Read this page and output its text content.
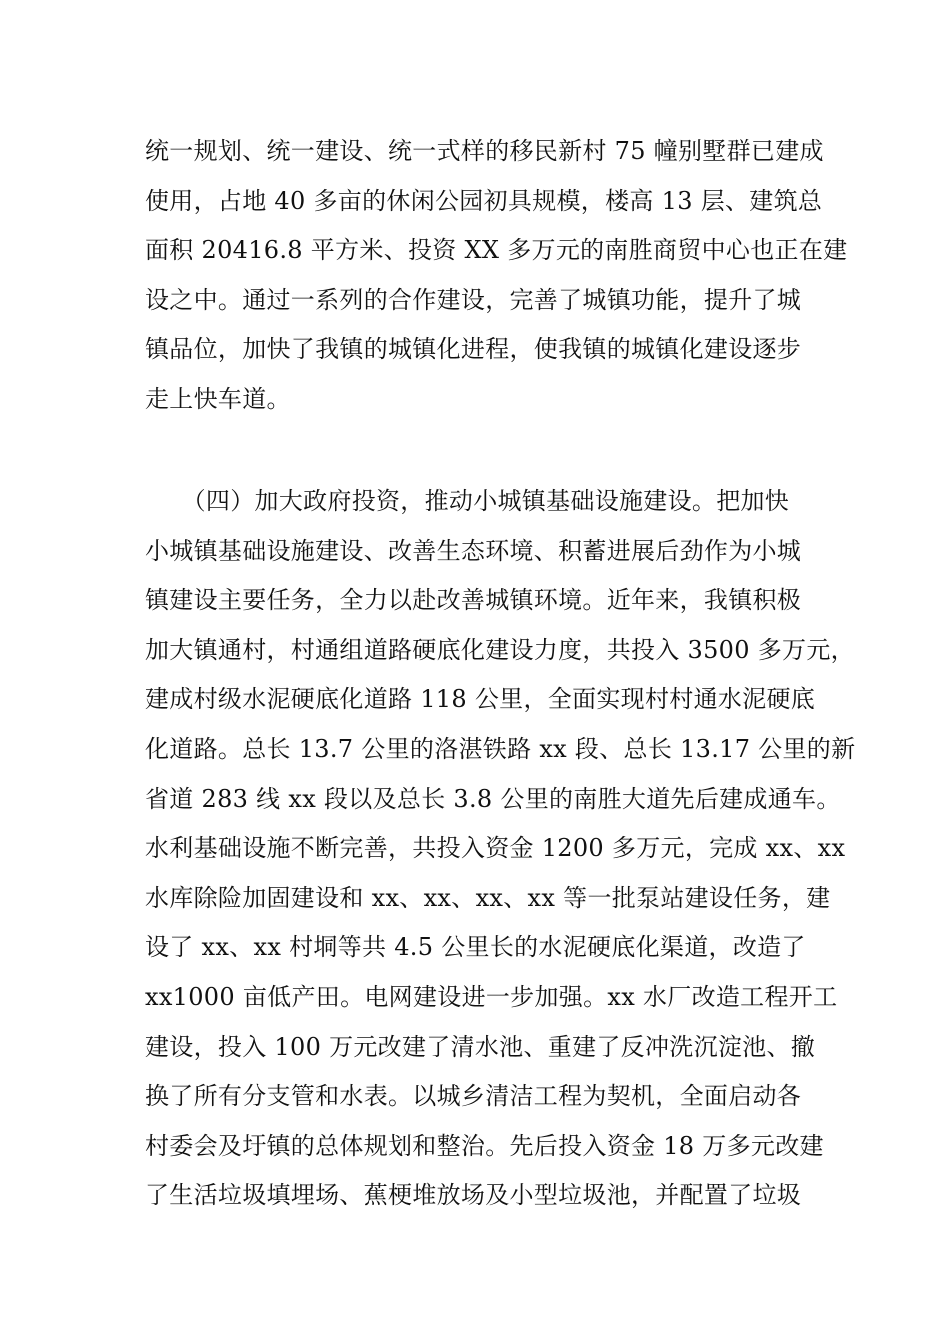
统一规划、统一建设、统一式样的移民新村 75 幢别墅群已建成
使用，占地 40 多亩的休闲公园初具规模，楼高 13 层、建筑总
面积 20416.8 平方米、投资 XX 多万元的南胜商贸中心也正在建
设之中。通过一系列的合作建设，完善了城镇功能，提升了城
镇品位，加快了我镇的城镇化进程，使我镇的城镇化建设逐步
走上快车道。
　　（四）加大政府投资，推动小城镇基础设施建设。把加快
小城镇基础设施建设、改善生态环境、积蓄进展后劲作为小城
镇建设主要任务，全力以赴改善城镇环境。近年来，我镇积极
加大镇通村，村通组道路硬底化建设力度，共投入 3500 多万元，
建成村级水泥硬底化道路 118 公里，全面实现村村通水泥硬底
化道路。总长 13.7 公里的洛湛铁路 xx 段、总长 13.17 公里的新
省道 283 线 xx 段以及总长 3.8 公里的南胜大道先后建成通车。
水利基础设施不断完善，共投入资金 1200 多万元，完成 xx、xx
水库除险加固建设和 xx、xx、xx、xx 等一批泵站建设任务，建
设了 xx、xx 村垌等共 4.5 公里长的水泥硬底化渠道，改造了
xx1000 亩低产田。电网建设进一步加强。xx 水厂改造工程开工
建设，投入 100 万元改建了清水池、重建了反冲洗沉淀池、撤
换了所有分支管和水表。以城乡清洁工程为契机，全面启动各
村委会及圩镇的总体规划和整治。先后投入资金 18 万多元改建
了生活垃圾填埋场、蕉梗堆放场及小型垃圾池，并配置了垃圾
